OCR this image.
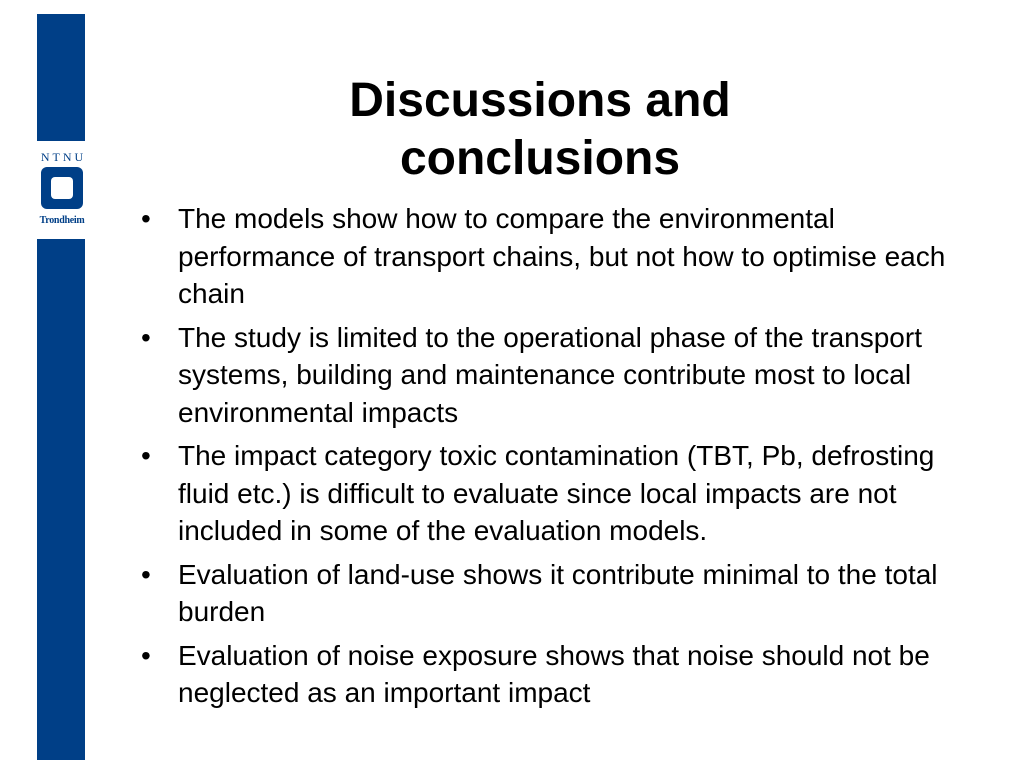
NTNU
Trondheim
Discussions and conclusions
• The models show how to compare the environmental performance of transport chains, but not how to optimise each chain
• The study is limited to the operational phase of the transport systems, building and maintenance contribute most to local environmental impacts
• The impact category toxic contamination (TBT, Pb, defrosting fluid etc.) is difficult to evaluate since local impacts are not included in some of the evaluation models.
• Evaluation of land-use shows it contribute minimal to the total burden
• Evaluation of noise exposure shows that noise should not be neglected as an important impact
